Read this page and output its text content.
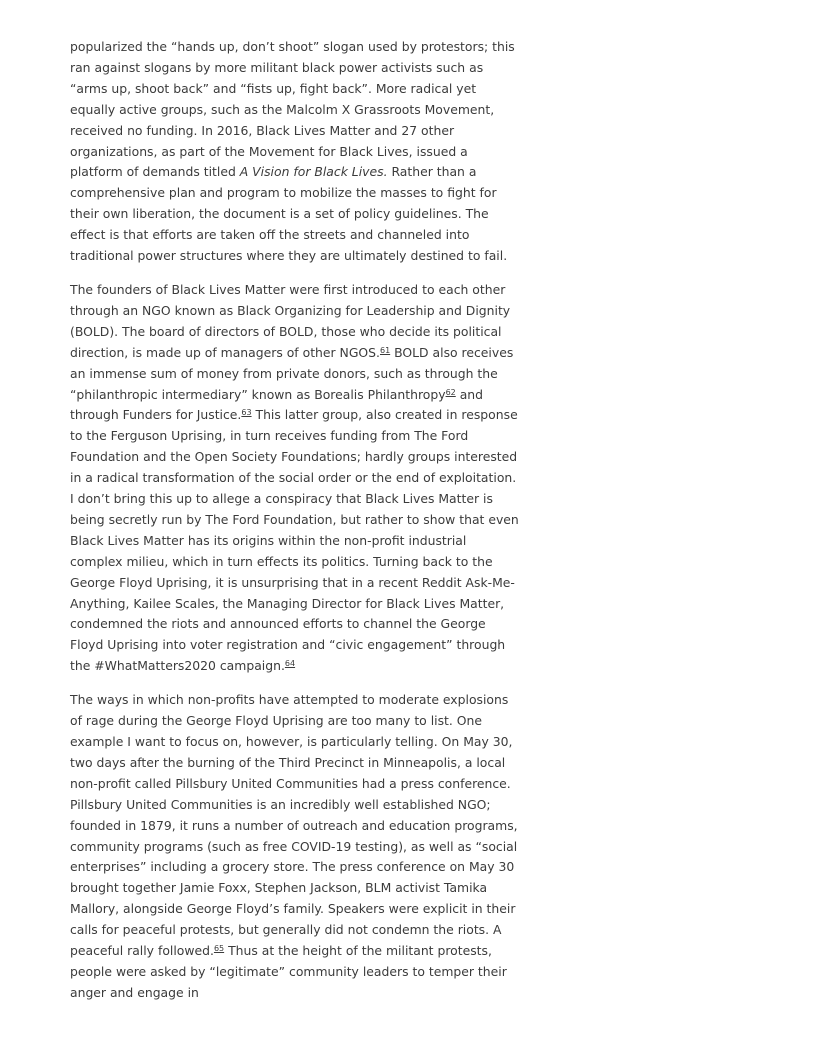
popularized the “hands up, don’t shoot” slogan used by protestors; this ran against slogans by more militant black power activists such as “arms up, shoot back” and “fists up, fight back”. More radical yet equally active groups, such as the Malcolm X Grassroots Movement, received no funding. In 2016, Black Lives Matter and 27 other organizations, as part of the Movement for Black Lives, issued a platform of demands titled A Vision for Black Lives. Rather than a comprehensive plan and program to mobilize the masses to fight for their own liberation, the document is a set of policy guidelines. The effect is that efforts are taken off the streets and channeled into traditional power structures where they are ultimately destined to fail.

The founders of Black Lives Matter were first introduced to each other through an NGO known as Black Organizing for Leadership and Dignity (BOLD). The board of directors of BOLD, those who decide its political direction, is made up of managers of other NGOS.$^{61}$ BOLD also receives an immense sum of money from private donors, such as through the “philanthropic intermediary” known as Borealis Philanthropy$^{62}$ and through Funders for Justice.$^{63}$ This latter group, also created in response to the Ferguson Uprising, in turn receives funding from The Ford Foundation and the Open Society Foundations; hardly groups interested in a radical transformation of the social order or the end of exploitation. I don’t bring this up to allege a conspiracy that Black Lives Matter is being secretly run by The Ford Foundation, but rather to show that even Black Lives Matter has its origins within the non-profit industrial complex milieu, which in turn effects its politics. Turning back to the George Floyd Uprising, it is unsurprising that in a recent Reddit Ask-Me-Anything, Kailee Scales, the Managing Director for Black Lives Matter, condemned the riots and announced efforts to channel the George Floyd Uprising into voter registration and “civic engagement” through the #WhatMatters2020 campaign.$^{64}$

The ways in which non-profits have attempted to moderate explosions of rage during the George Floyd Uprising are too many to list. One example I want to focus on, however, is particularly telling. On May 30, two days after the burning of the Third Precinct in Minneapolis, a local non-profit called Pillsbury United Communities had a press conference. Pillsbury United Communities is an incredibly well established NGO; founded in 1879, it runs a number of outreach and education programs, community programs (such as free COVID-19 testing), as well as “social enterprises” including a grocery store. The press conference on May 30 brought together Jamie Foxx, Stephen Jackson, BLM activist Tamika Mallory, alongside George Floyd’s family. Speakers were explicit in their calls for peaceful protests, but generally did not condemn the riots. A peaceful rally followed.$^{65}$ Thus at the height of the militant protests, people were asked by “legitimate” community leaders to temper their anger and engage in
